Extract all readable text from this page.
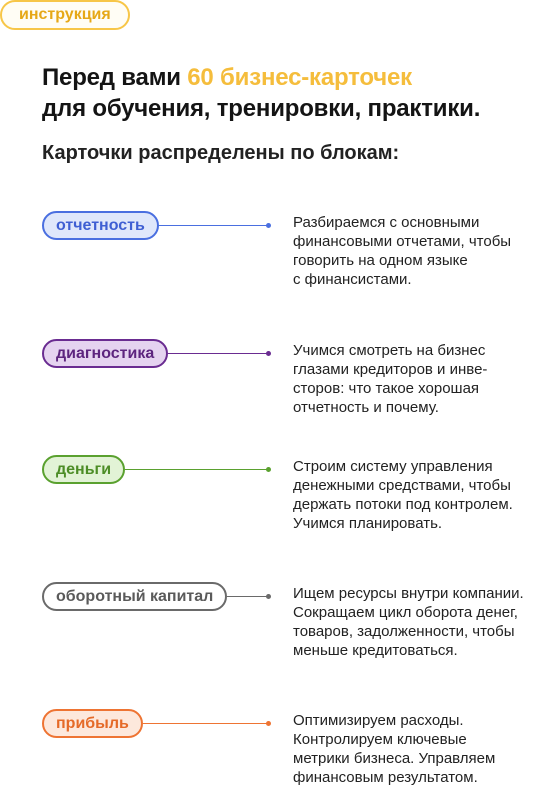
инструкция
Перед вами 60 бизнес-карточек
для обучения, тренировки, практики.
Карточки распределены по блокам:
отчетность	Разбираемся с основными
финансовыми отчетами, чтобы
говорить на одном языке
с финансистами.

диагностика	Учимся смотреть на бизнес
глазами кредиторов и инве-
сторов: что такое хорошая
отчетность и почему.

деньги	Строим систему управления
денежными средствами, чтобы
держать потоки под контролем.
Учимся планировать.

оборотный капитал	Ищем ресурсы внутри компании.
Сокращаем цикл оборота денег,
товаров, задолженности, чтобы
меньше кредитоваться.

прибыль	Оптимизируем расходы.
Контролируем ключевые
метрики бизнеса. Управляем
финансовым результатом.
